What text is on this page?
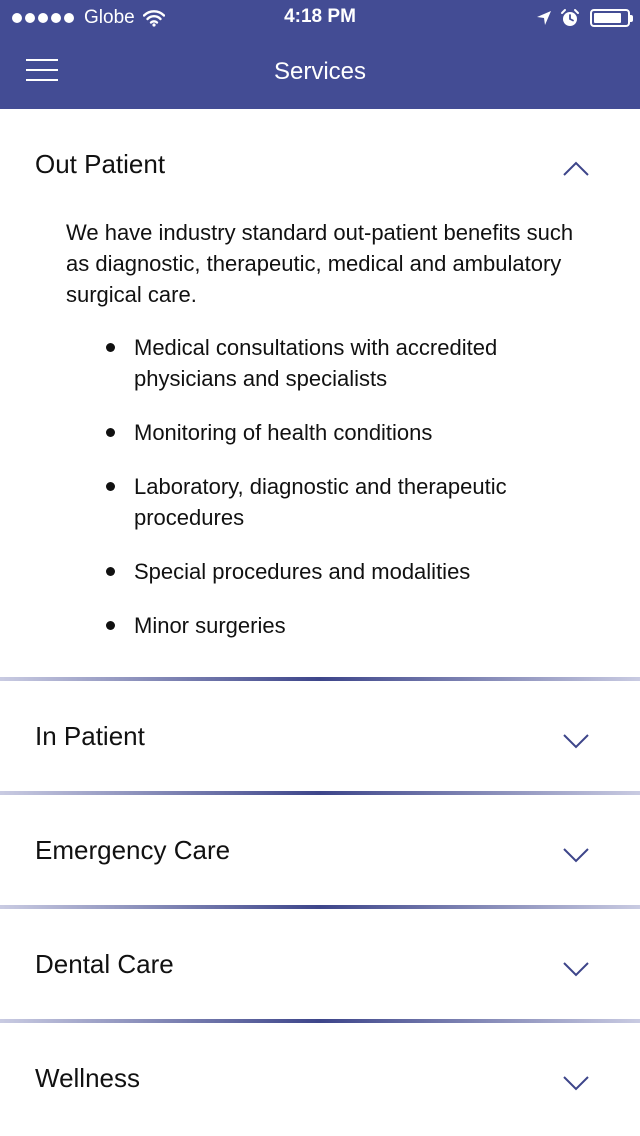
Globe	4:18 PM
Services
Out Patient

We have industry standard out-patient benefits such as diagnostic, therapeutic, medical and ambulatory surgical care.

Medical consultations with accredited physicians and specialists
Monitoring of health conditions
Laboratory, diagnostic and therapeutic procedures
Special procedures and modalities
Minor surgeries
In Patient
Emergency Care
Dental Care
Wellness
